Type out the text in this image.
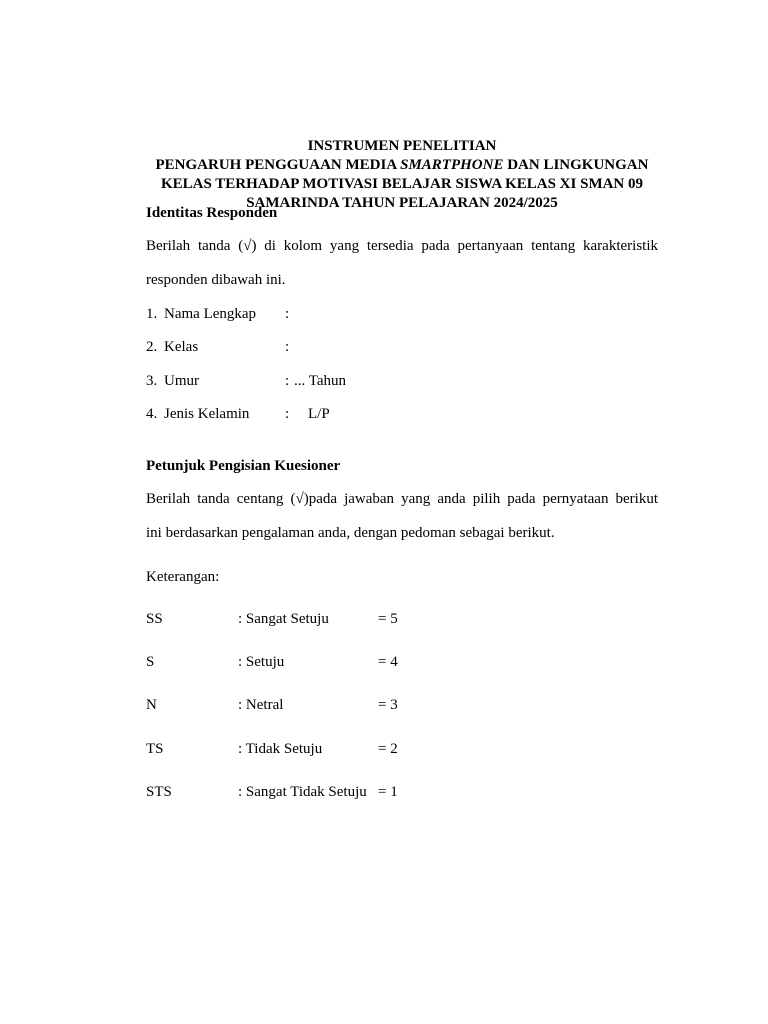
INSTRUMEN PENELITIAN
PENGARUH PENGGUAAN MEDIA SMARTPHONE DAN LINGKUNGAN
KELAS TERHADAP MOTIVASI BELAJAR SISWA KELAS XI SMAN 09
SAMARINDA TAHUN PELAJARAN 2024/2025
Identitas Responden
Berilah tanda (√) di kolom yang tersedia pada pertanyaan tentang karakteristik
responden dibawah ini.
1. Nama Lengkap :
2. Kelas	:
3. Umur	: ... Tahun
4. Jenis Kelamin : L/P
Petunjuk Pengisian Kuesioner
Berilah tanda centang (√)pada jawaban yang anda pilih pada pernyataan berikut
ini berdasarkan pengalaman anda, dengan pedoman sebagai berikut.
Keterangan:
SS	: Sangat Setuju	= 5
S	: Setuju	= 4
N	: Netral	= 3
TS	: Tidak Setuju	= 2
STS	: Sangat Tidak Setuju = 1
